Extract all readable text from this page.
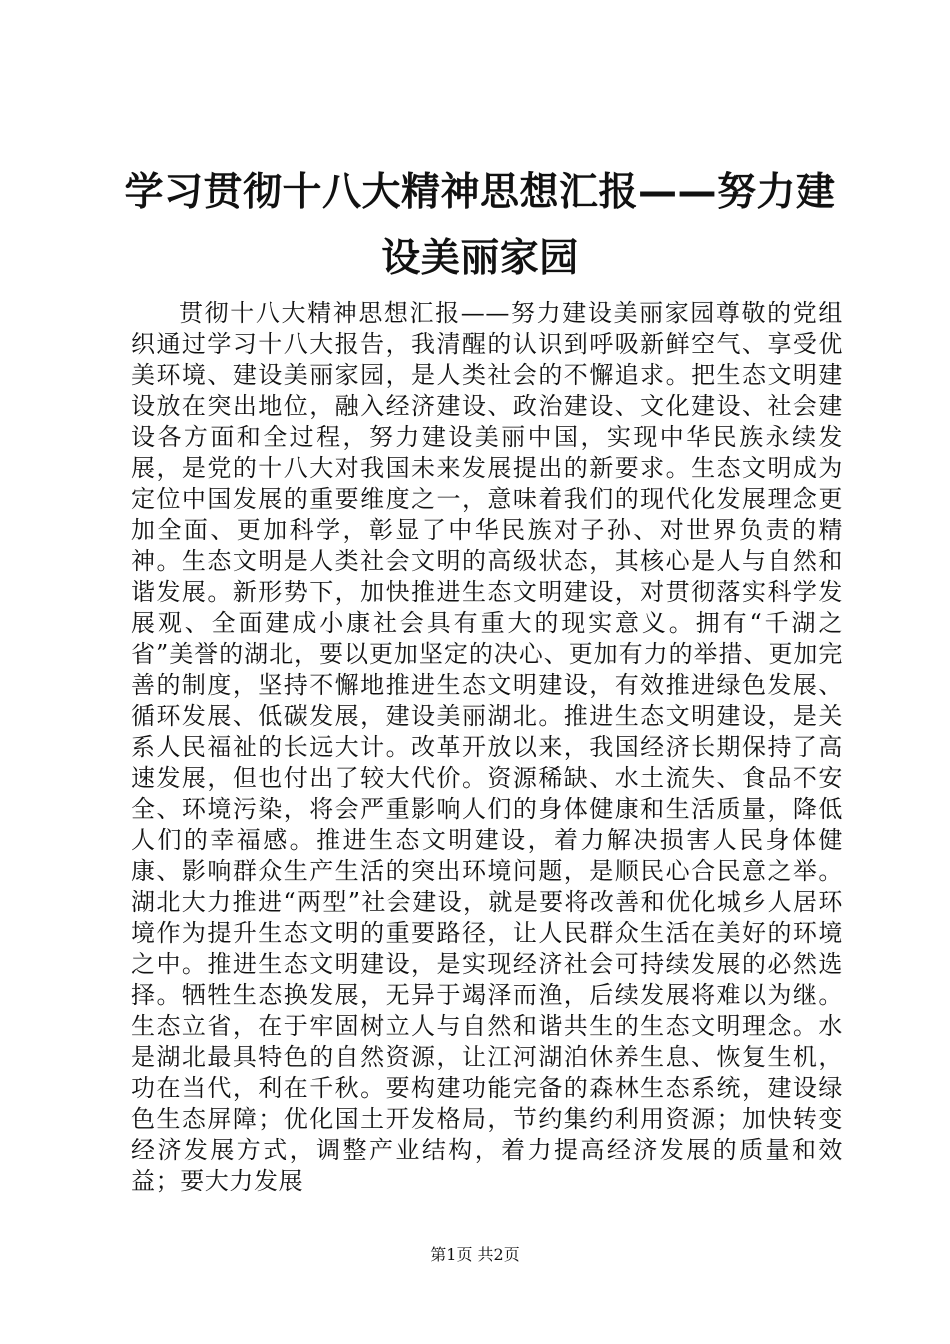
学习贯彻十八大精神思想汇报——努力建设美丽家园

贯彻十八大精神思想汇报——努力建设美丽家园尊敬的党组织通过学习十八大报告，我清醒的认识到呼吸新鲜空气、享受优美环境、建设美丽家园，是人类社会的不懈追求。把生态文明建设放在突出地位，融入经济建设、政治建设、文化建设、社会建设各方面和全过程，努力建设美丽中国，实现中华民族永续发展，是党的十八大对我国未来发展提出的新要求。生态文明成为定位中国发展的重要维度之一，意味着我们的现代化发展理念更加全面、更加科学，彰显了中华民族对子孙、对世界负责的精神。生态文明是人类社会文明的高级状态，其核心是人与自然和谐发展。新形势下，加快推进生态文明建设，对贯彻落实科学发展观、全面建成小康社会具有重大的现实意义。拥有“千湖之省”美誉的湖北，要以更加坚定的决心、更加有力的举措、更加完善的制度，坚持不懈地推进生态文明建设，有效推进绿色发展、循环发展、低碳发展，建设美丽湖北。推进生态文明建设，是关系人民福祉的长远大计。改革开放以来，我国经济长期保持了高速发展，但也付出了较大代价。资源稀缺、水土流失、食品不安全、环境污染，将会严重影响人们的身体健康和生活质量，降低人们的幸福感。推进生态文明建设，着力解决损害人民身体健康、影响群众生产生活的突出环境问题，是顺民心合民意之举。湖北大力推进“两型”社会建设，就是要将改善和优化城乡人居环境作为提升生态文明的重要路径，让人民群众生活在美好的环境之中。推进生态文明建设，是实现经济社会可持续发展的必然选择。牺牲生态换发展，无异于竭泽而渔，后续发展将难以为继。生态立省，在于牢固树立人与自然和谐共生的生态文明理念。水是湖北最具特色的自然资源，让江河湖泊休养生息、恢复生机，功在当代，利在千秋。要构建功能完备的森林生态系统，建设绿色生态屏障；优化国土开发格局，节约集约利用资源；加快转变经济发展方式，调整产业结构，着力提高经济发展的质量和效益；要大力发展

第1页 共2页
